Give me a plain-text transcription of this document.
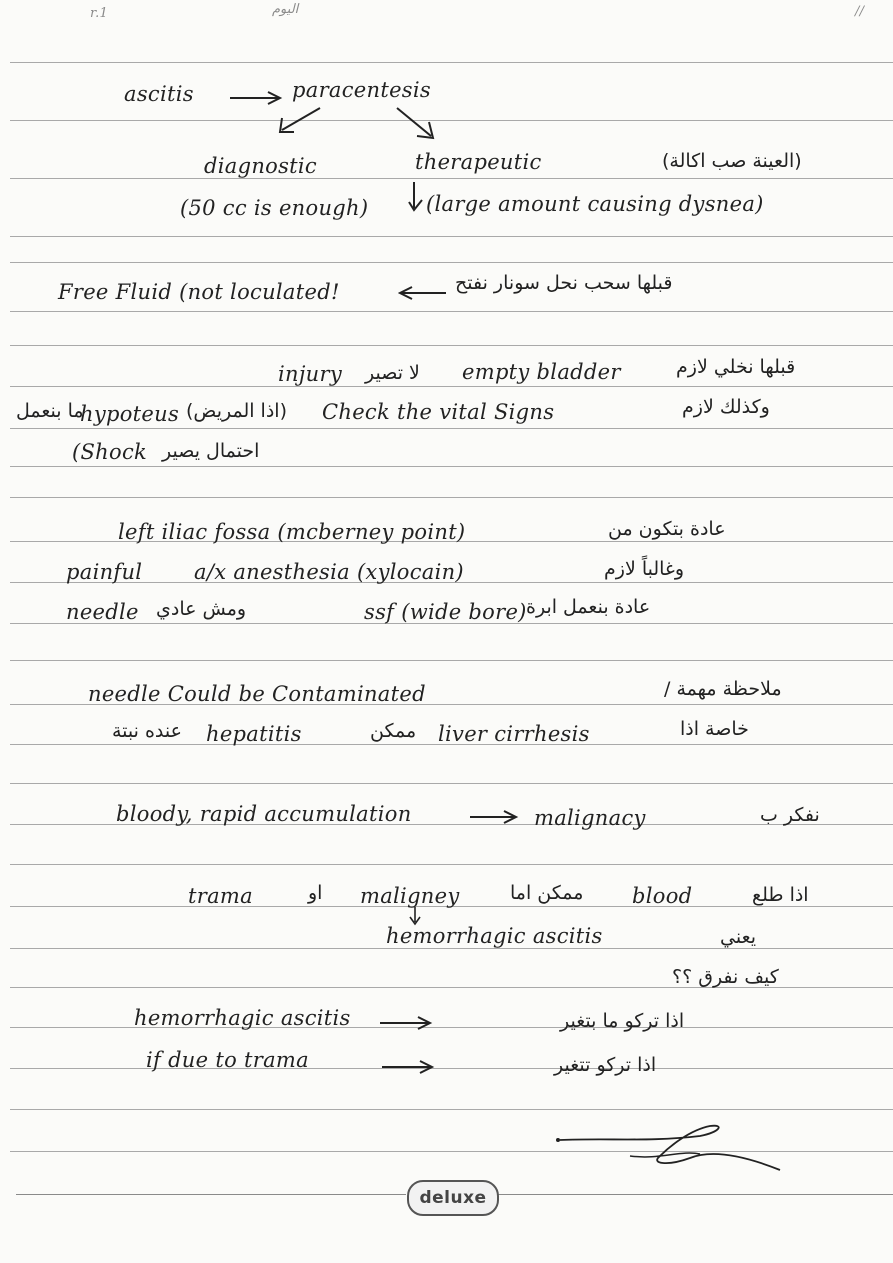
r.1	اليوم	//
ascitis	paracentesis
diagnostic	therapeutic	(العينة صب اكالة)
(50 cc is enough)	(large amount causing dysnea)
Free Fluid (not loculated!	قبلها سحب نحل سونار نفتح
injury لا تصير empty bladder	قبلها نخلي لازم
ما بنعمل
hypoteus (اذا المريض) Check the vital Signs	وكذلك لازم
(Shock احتمال يصير
left iliac fossa (mcberney point)	عادة بتكون من
painful a/x anesthesia (xylocain)	وغالباً لازم
needle ومش عادي	ssf (wide bore) عادة بنعمل ابرة
needle Could be Contaminated	ملاحظة مهمة /
عنده نبتة hepatitis	ممكن liver cirrhesis	خاصة اذا
bloody, rapid accumulation	malignacy	نفكر ب
trama	او maligney	ممكن اما blood	اذا طلع
hemorrhagic ascitis	يعني
كيف نفرق ؟؟
hemorrhagic ascitis	اذا تركو ما بتغير
if due to trama	اذا تركو تتغير
deluxe
